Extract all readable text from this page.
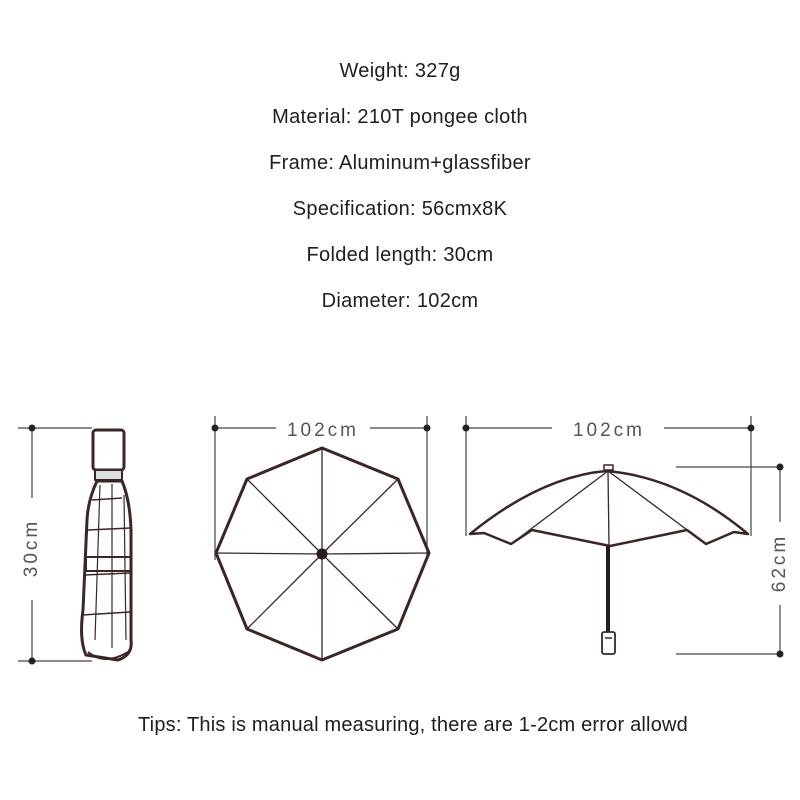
Weight: 327g
Material: 210T pongee cloth
Frame: Aluminum+glassfiber
Specification: 56cmx8K
Folded length: 30cm
Diameter: 102cm
30cm
102cm	102cm
62cm
Tips: This is manual measuring, there are 1-2cm error allowd
